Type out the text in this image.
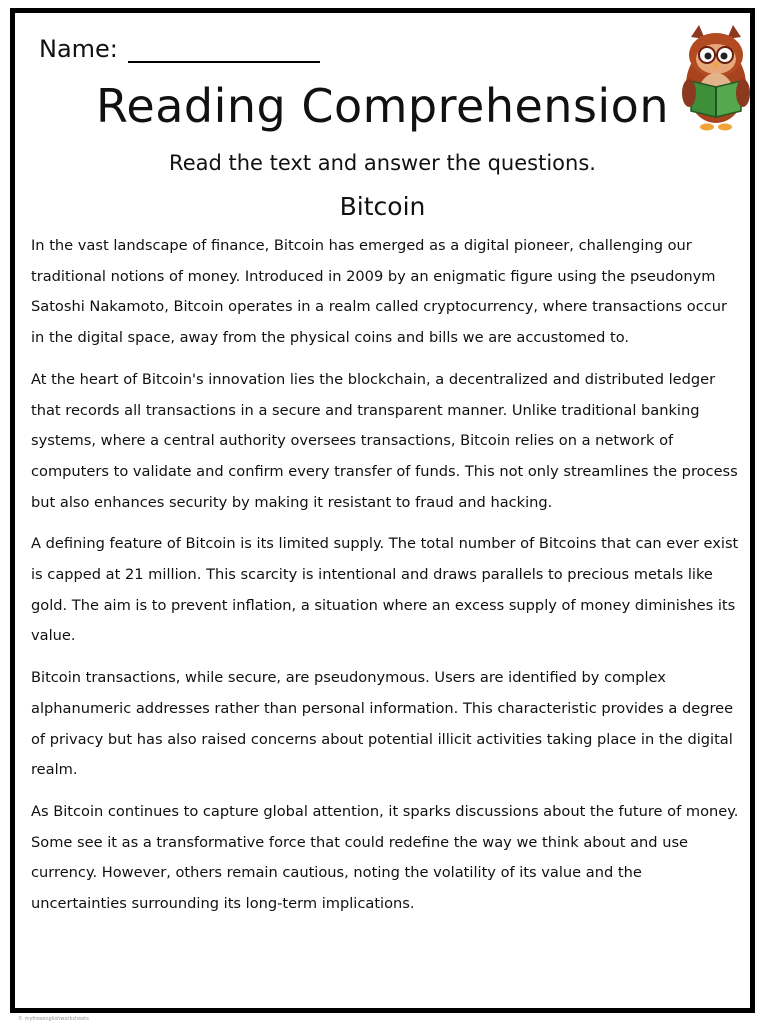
Name:
Reading Comprehension
Read the text and answer the questions.
Bitcoin

In the vast landscape of finance, Bitcoin has emerged as a digital pioneer, challenging our traditional notions of money. Introduced in 2009 by an enigmatic figure using the pseudonym Satoshi Nakamoto, Bitcoin operates in a realm called cryptocurrency, where transactions occur in the digital space, away from the physical coins and bills we are accustomed to.

At the heart of Bitcoin's innovation lies the blockchain, a decentralized and distributed ledger that records all transactions in a secure and transparent manner. Unlike traditional banking systems, where a central authority oversees transactions, Bitcoin relies on a network of computers to validate and confirm every transfer of funds. This not only streamlines the process but also enhances security by making it resistant to fraud and hacking.

A defining feature of Bitcoin is its limited supply. The total number of Bitcoins that can ever exist is capped at 21 million. This scarcity is intentional and draws parallels to precious metals like gold. The aim is to prevent inflation, a situation where an excess supply of money diminishes its value.

Bitcoin transactions, while secure, are pseudonymous. Users are identified by complex alphanumeric addresses rather than personal information. This characteristic provides a degree of privacy but has also raised concerns about potential illicit activities taking place in the digital realm.

As Bitcoin continues to capture global attention, it sparks discussions about the future of money. Some see it as a transformative force that could redefine the way we think about and use currency. However, others remain cautious, noting the volatility of its value and the uncertainties surrounding its long-term implications.

© myfreeenglishworksheets
